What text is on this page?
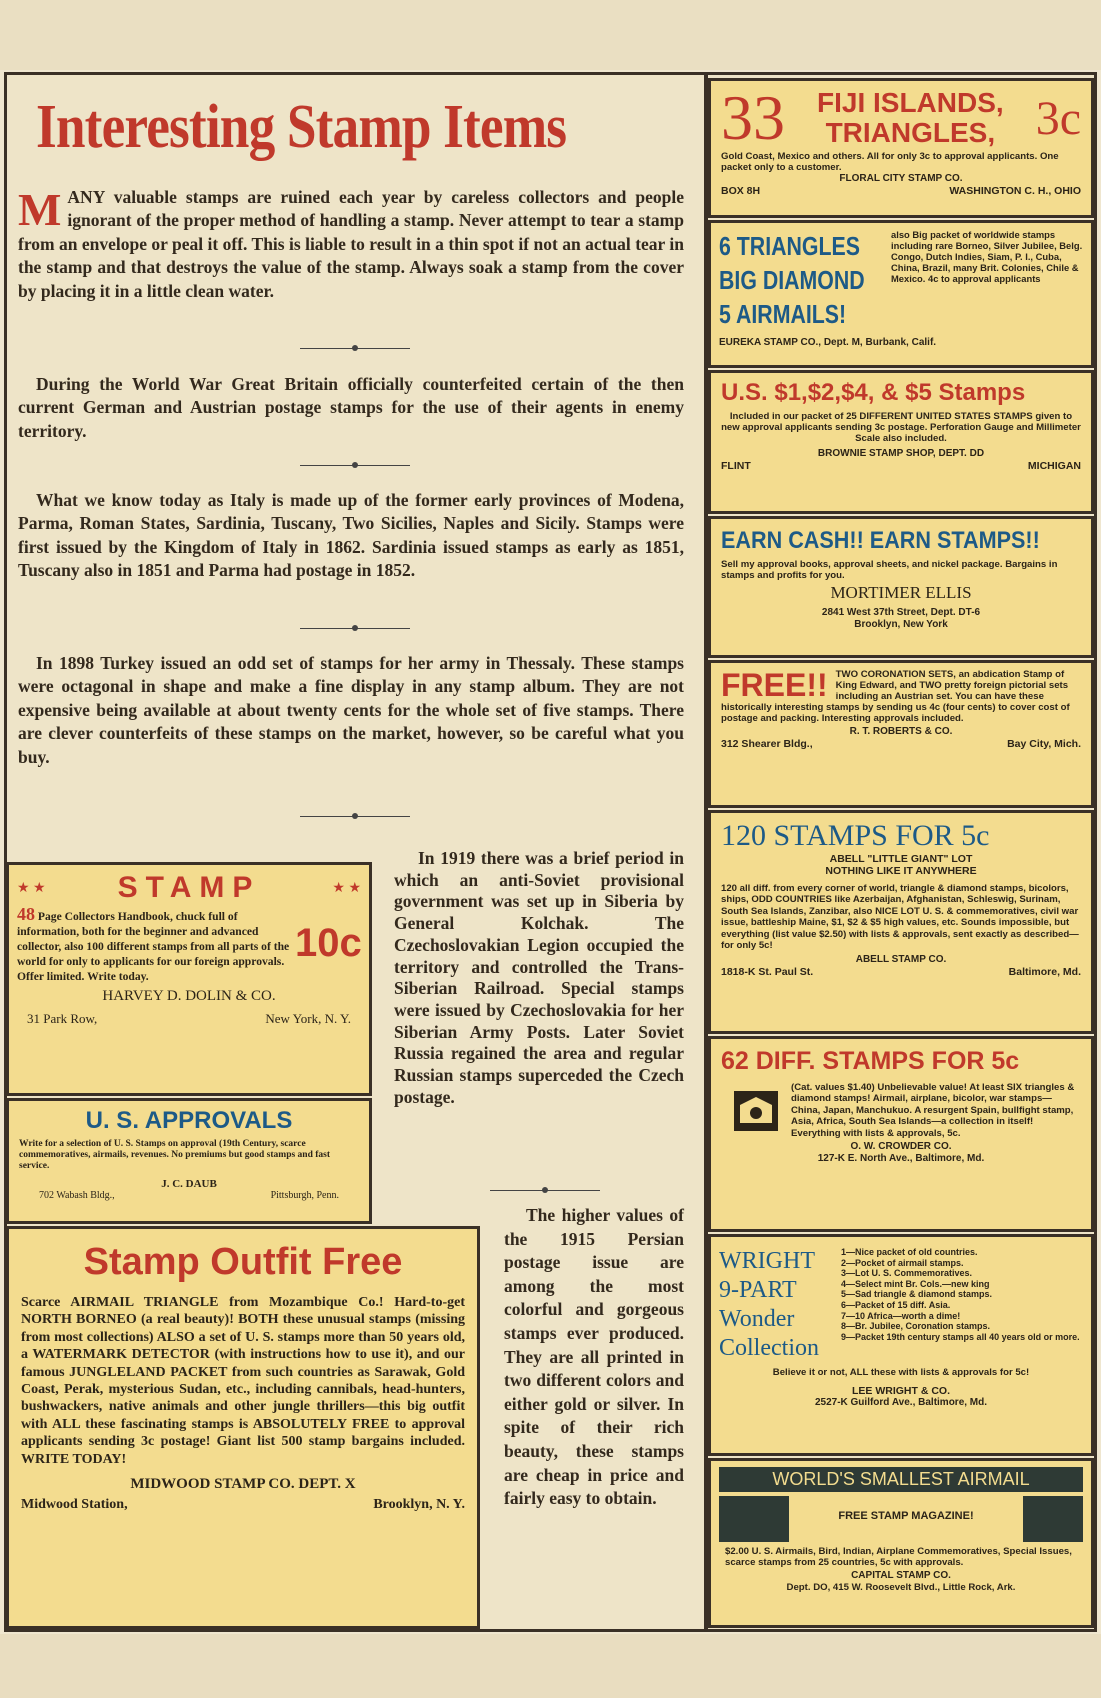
Interesting Stamp Items
MANY valuable stamps are ruined each year by careless collectors and people ignorant of the proper method of handling a stamp. Never attempt to tear a stamp from an envelope or peal it off. This is liable to result in a thin spot if not an actual tear in the stamp and that destroys the value of the stamp. Always soak a stamp from the cover by placing it in a little clean water.
During the World War Great Britain officially counterfeited certain of the then current German and Austrian postage stamps for the use of their agents in enemy territory.
What we know today as Italy is made up of the former early provinces of Modena, Parma, Roman States, Sardinia, Tuscany, Two Sicilies, Naples and Sicily. Stamps were first issued by the Kingdom of Italy in 1862. Sardinia issued stamps as early as 1851, Tuscany also in 1851 and Parma had postage in 1852.
In 1898 Turkey issued an odd set of stamps for her army in Thessaly. These stamps were octagonal in shape and make a fine display in any stamp album. They are not expensive being available at about twenty cents for the whole set of five stamps. There are clever counterfeits of these stamps on the market, however, so be careful what you buy.
In 1919 there was a brief period in which an anti-Soviet provisional government was set up in Siberia by General Kolchak. The Czechoslovakian Legion occupied the territory and controlled the Trans-Siberian Railroad. Special stamps were issued by Czechoslovakia for her Siberian Army Posts. Later Soviet Russia regained the area and regular Russian stamps superceded the Czech postage.
The higher values of the 1915 Persian postage issue are among the most colorful and gorgeous stamps ever produced. They are all printed in two different colors and either gold or silver. In spite of their rich beauty, these stamps are cheap in price and fairly easy to obtain.
★ ★ STAMP	★ ★
48 Page Collectors Handbook, chuck full of information, both for the beginner and advanced collector, also 100 different stamps from all parts of the world for only to applicants for our foreign approvals. Offer limited. Write today.
10c
HARVEY D. DOLIN & CO.
31 Park Row,	New York, N. Y.
U. S. APPROVALS
Write for a selection of U. S. Stamps on approval (19th Century, scarce commemoratives, airmails, revenues. No premiums but good stamps and fast service.
J. C. DAUB
702 Wabash Bldg.,	Pittsburgh, Penn.
Stamp Outfit Free
Scarce AIRMAIL TRIANGLE from Mozambique Co.! Hard-to-get NORTH BORNEO (a real beauty)! BOTH these unusual stamps (missing from most collections) ALSO a set of U. S. stamps more than 50 years old, a WATERMARK DETECTOR (with instructions how to use it), and our famous JUNGLELAND PACKET from such countries as Sarawak, Gold Coast, Perak, mysterious Sudan, etc., including cannibals, head-hunters, bushwackers, native animals and other jungle thrillers—this big outfit with ALL these fascinating stamps is ABSOLUTELY FREE to approval applicants sending 3c postage! Giant list 500 stamp bargains included. WRITE TODAY!
MIDWOOD STAMP CO. DEPT. X
Midwood Station,	Brooklyn, N. Y.
33	FIJI ISLANDS,
TRIANGLES, 3c
Gold Coast, Mexico and others. All for only 3c to approval applicants. One packet only to a customer.
FLORAL CITY STAMP CO.
BOX 8H	WASHINGTON C. H., OHIO
6 TRIANGLES
BIG DIAMOND
5 AIRMAILS!
also Big packet of worldwide stamps including rare Borneo, Silver Jubilee, Belg. Congo, Dutch Indies, Siam, P. I., Cuba, China, Brazil, many Brit. Colonies, Chile & Mexico. 4c to approval applicants
EUREKA STAMP CO., Dept. M, Burbank, Calif.
U.S. $1,$2,$4, & $5 Stamps
Included in our packet of 25 DIFFERENT UNITED STATES STAMPS given to new approval applicants sending 3c postage. Perforation Gauge and Millimeter Scale also included.
BROWNIE STAMP SHOP, DEPT. DD
FLINT	MICHIGAN
EARN CASH!! EARN STAMPS!!
Sell my approval books, approval sheets, and nickel package. Bargains in stamps and profits for you.
MORTIMER ELLIS
2841 West 37th Street, Dept. DT-6
Brooklyn, New York
FREE!! TWO CORONATION SETS, an abdication Stamp of King Edward, and TWO pretty foreign pictorial sets including an Austrian set. You can have these historically interesting stamps by sending us 4c (four cents) to cover cost of postage and packing. Interesting approvals included.
R. T. ROBERTS & CO.
312 Shearer Bldg.,	Bay City, Mich.
120 STAMPS FOR 5c
ABELL "LITTLE GIANT" LOT
NOTHING LIKE IT ANYWHERE
120 all diff. from every corner of world, triangle & diamond stamps, bicolors, ships, ODD COUNTRIES like Azerbaijan, Afghanistan, Schleswig, Surinam, South Sea Islands, Zanzibar, also NICE LOT U. S. & commemoratives, civil war issue, battleship Maine, $1, $2 & $5 high values, etc. Sounds impossible, but everything (list value $2.50) with lists & approvals, sent exactly as described—for only 5c!
ABELL STAMP CO.
1818-K St. Paul St.	Baltimore, Md.
62 DIFF. STAMPS FOR 5c
(Cat. values $1.40) Unbelievable value! At least SIX triangles & diamond stamps! Airmail, airplane, bicolor, war stamps—China, Japan, Manchukuo. A resurgent Spain, bullfight stamp, Asia, Africa, South Sea Islands—a collection in itself! Everything with lists & approvals, 5c.
O. W. CROWDER CO.
127-K E. North Ave., Baltimore, Md.
WRIGHT
9-PART
Wonder
Collection
1—Nice packet of old countries.
2—Pocket of airmail stamps.
3—Lot U. S. Commemoratives.
4—Select mint Br. Cols.—new king
5—Sad triangle & diamond stamps.
6—Packet of 15 diff. Asia.
7—10 Africa—worth a dime!
8—Br. Jubilee, Coronation stamps.
9—Packet 19th century stamps all 40 years old or more.
Believe it or not, ALL these with lists & approvals for 5c!
LEE WRIGHT & CO.
2527-K Guilford Ave., Baltimore, Md.
WORLD'S SMALLEST AIRMAIL
FREE STAMP MAGAZINE!
$2.00 U. S. Airmails, Bird, Indian, Airplane Commemoratives, Special Issues, scarce stamps from 25 countries, 5c with approvals.
CAPITAL STAMP CO.
Dept. DO, 415 W. Roosevelt Blvd., Little Rock, Ark.
